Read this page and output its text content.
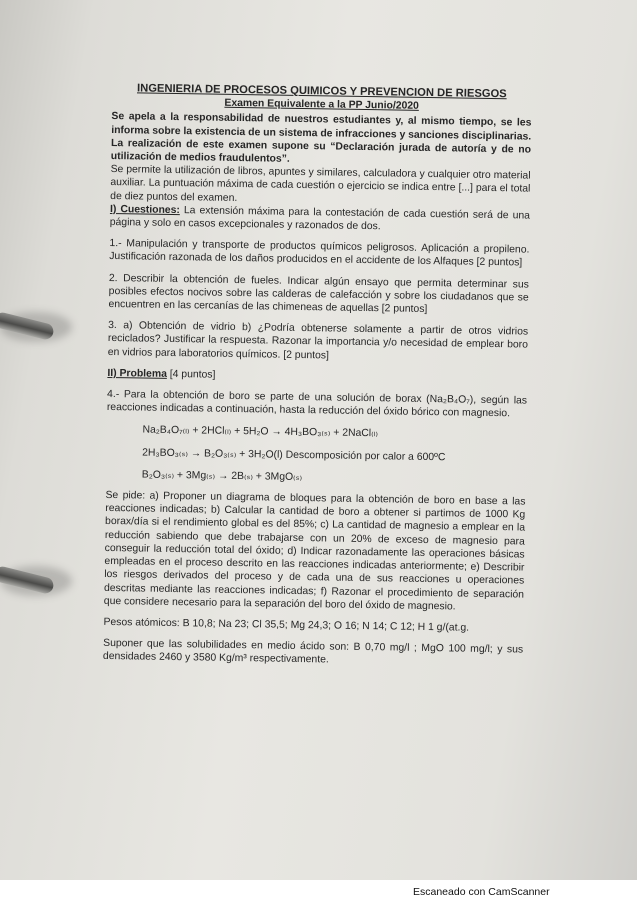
INGENIERIA DE PROCESOS QUIMICOS Y PREVENCION DE RIESGOS

Examen Equivalente a la PP Junio/2020

Se apela a la responsabilidad de nuestros estudiantes y, al mismo tiempo, se les informa sobre la existencia de un sistema de infracciones y sanciones disciplinarias. La realización de este examen supone su “Declaración jurada de autoría y de no utilización de medios fraudulentos”.

Se permite la utilización de libros, apuntes y similares, calculadora y cualquier otro material auxiliar. La puntuación máxima de cada cuestión o ejercicio se indica entre [...] para el total de diez puntos del examen.

I) Cuestiones: La extensión máxima para la contestación de cada cuestión será de una página y solo en casos excepcionales y razonados de dos.

1.- Manipulación y transporte de productos químicos peligrosos. Aplicación a propileno. Justificación razonada de los daños producidos en el accidente de los Alfaques [2 puntos]

2. Describir la obtención de fueles. Indicar algún ensayo que permita determinar sus posibles efectos nocivos sobre las calderas de calefacción y sobre los ciudadanos que se encuentren en las cercanías de las chimeneas de aquellas [2 puntos]

3. a) Obtención de vidrio b) ¿Podría obtenerse solamente a partir de otros vidrios reciclados? Justificar la respuesta. Razonar la importancia y/o necesidad de emplear boro en vidrios para laboratorios químicos. [2 puntos]

II) Problema [4 puntos]

4.- Para la obtención de boro se parte de una solución de borax (Na₂B₄O₇), según las reacciones indicadas a continuación, hasta la reducción del óxido bórico con magnesio.

Na₂B₄O₇₍ₗ₎ + 2HCl₍ₗ₎ + 5H₂O → 4H₃BO₃₍ₛ₎ + 2NaCl₍ₗ₎

2H₃BO₃₍ₛ₎ → B₂O₃₍ₛ₎ + 3H₂O(l) Descomposición por calor a 600ºC

B₂O₃₍ₛ₎ + 3Mg₍ₛ₎ → 2B₍ₛ₎ + 3MgO₍ₛ₎

Se pide: a) Proponer un diagrama de bloques para la obtención de boro en base a las reacciones indicadas; b) Calcular la cantidad de boro a obtener si partimos de 1000 Kg borax/día si el rendimiento global es del 85%; c) La cantidad de magnesio a emplear en la reducción sabiendo que debe trabajarse con un 20% de exceso de magnesio para conseguir la reducción total del óxido; d) Indicar razonadamente las operaciones básicas empleadas en el proceso descrito en las reacciones indicadas anteriormente; e) Describir los riesgos derivados del proceso y de cada una de sus reacciones u operaciones descritas mediante las reacciones indicadas; f) Razonar el procedimiento de separación que considere necesario para la separación del boro del óxido de magnesio.

Pesos atómicos: B 10,8; Na 23; Cl 35,5; Mg 24,3; O 16; N 14; C 12; H 1 g/(at.g.

Suponer que las solubilidades en medio ácido son: B 0,70 mg/l ; MgO 100 mg/l; y sus densidades 2460 y 3580 Kg/m³ respectivamente.

Escaneado con CamScanner
